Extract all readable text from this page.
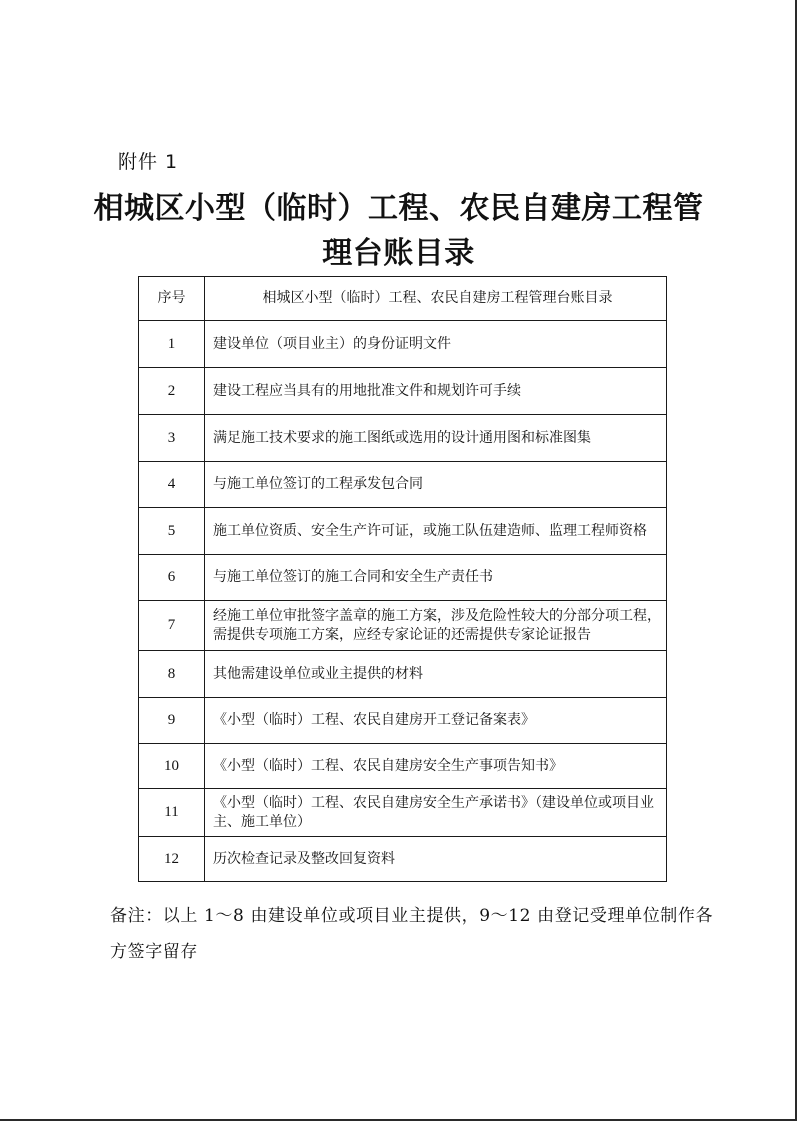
附件 1
相城区小型（临时）工程、农民自建房工程管
理台账目录
序号	相城区小型（临时）工程、农民自建房工程管理台账目录
1	建设单位（项目业主）的身份证明文件
2	建设工程应当具有的用地批准文件和规划许可手续
3	满足施工技术要求的施工图纸或选用的设计通用图和标准图集
4	与施工单位签订的工程承发包合同
5	施工单位资质、安全生产许可证，或施工队伍建造师、监理工程师资格
6	与施工单位签订的施工合同和安全生产责任书
7	经施工单位审批签字盖章的施工方案，涉及危险性较大的分部分项工程，需提供专项施工方案，应经专家论证的还需提供专家论证报告
8	其他需建设单位或业主提供的材料
9	《小型（临时）工程、农民自建房开工登记备案表》
10	《小型（临时）工程、农民自建房安全生产事项告知书》
11	《小型（临时）工程、农民自建房安全生产承诺书》（建设单位或项目业主、施工单位）
12	历次检查记录及整改回复资料
备注：以上 1～8 由建设单位或项目业主提供，9～12 由登记受理单位制作各方签字留存
